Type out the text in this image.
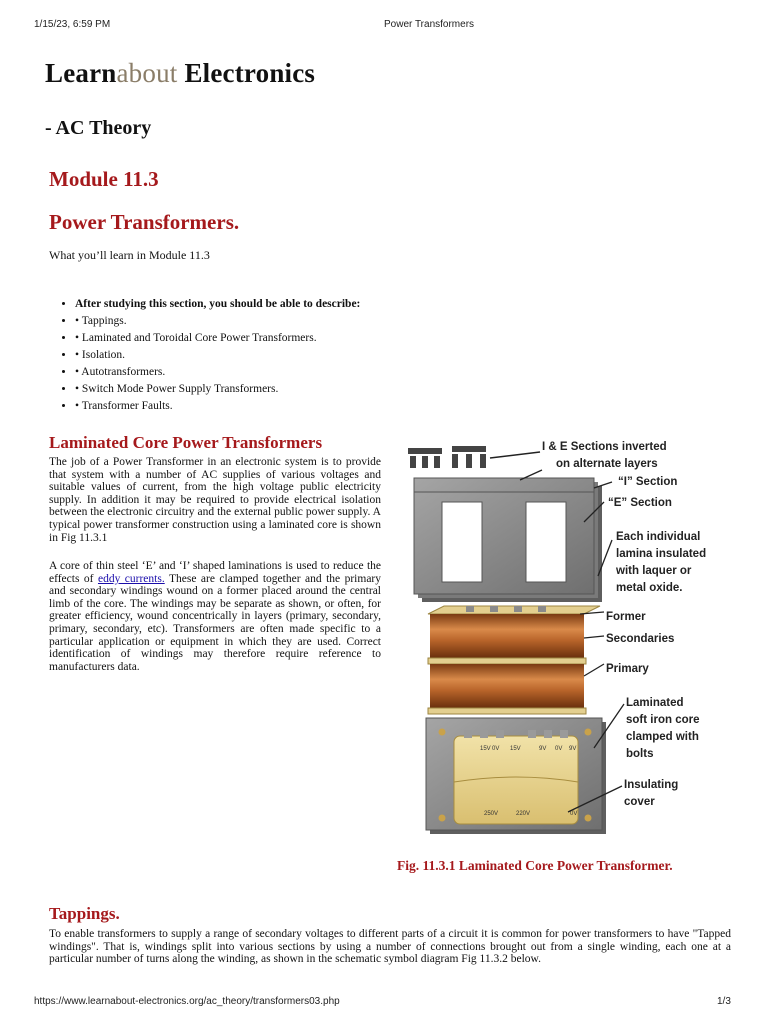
1/15/23, 6:59 PM	Power Transformers
Learnabout Electronics
- AC Theory
Module 11.3
Power Transformers.
What you’ll learn in Module 11.3
• After studying this section, you should be able to describe:
• • Tappings.
• • Laminated and Toroidal Core Power Transformers.
• • Isolation.
• • Autotransformers.
• • Switch Mode Power Supply Transformers.
• • Transformer Faults.
Laminated Core Power Transformers

The job of a Power Transformer in an electronic system is to provide that system with a number of AC supplies of various voltages and suitable values of current, from the high voltage public electricity supply. In addition it may be required to provide electrical isolation between the electronic circuitry and the external public power supply. A typical power transformer construction using a laminated core is shown in Fig 11.3.1

A core of thin steel ‘E’ and ‘I’ shaped laminations is used to reduce the effects of eddy currents. These are clamped together and the primary and secondary windings wound on a former placed around the central limb of the core. The windings may be separate as shown, or often, for greater efficiency, wound concentrically in layers (primary, secondary, primary, secondary, etc). Transformers are often made specific to a particular application or equipment in which they are used. Correct identification of windings may therefore require reference to manufacturers data.

15V 0V 15V	9V 0V 9V
250V	220V	0V
I & E Sections inverted
on alternate layers
“I” Section
“E” Section
Each individual
lamina insulated
with laquer or
metal oxide.
Former
Secondaries
Primary
Laminated
soft iron core
clamped with
bolts
Insulating
cover
Fig. 11.3.1 Laminated Core Power Transformer.
Tappings.

To enable transformers to supply a range of secondary voltages to different parts of a circuit it is common for power transformers to have "Tapped windings". That is, windings split into various sections by using a number of connections brought out from a single winding, each one at a particular number of turns along the winding, as shown in the schematic symbol diagram Fig 11.3.2 below.

https://www.learnabout-electronics.org/ac_theory/transformers03.php	1/3
